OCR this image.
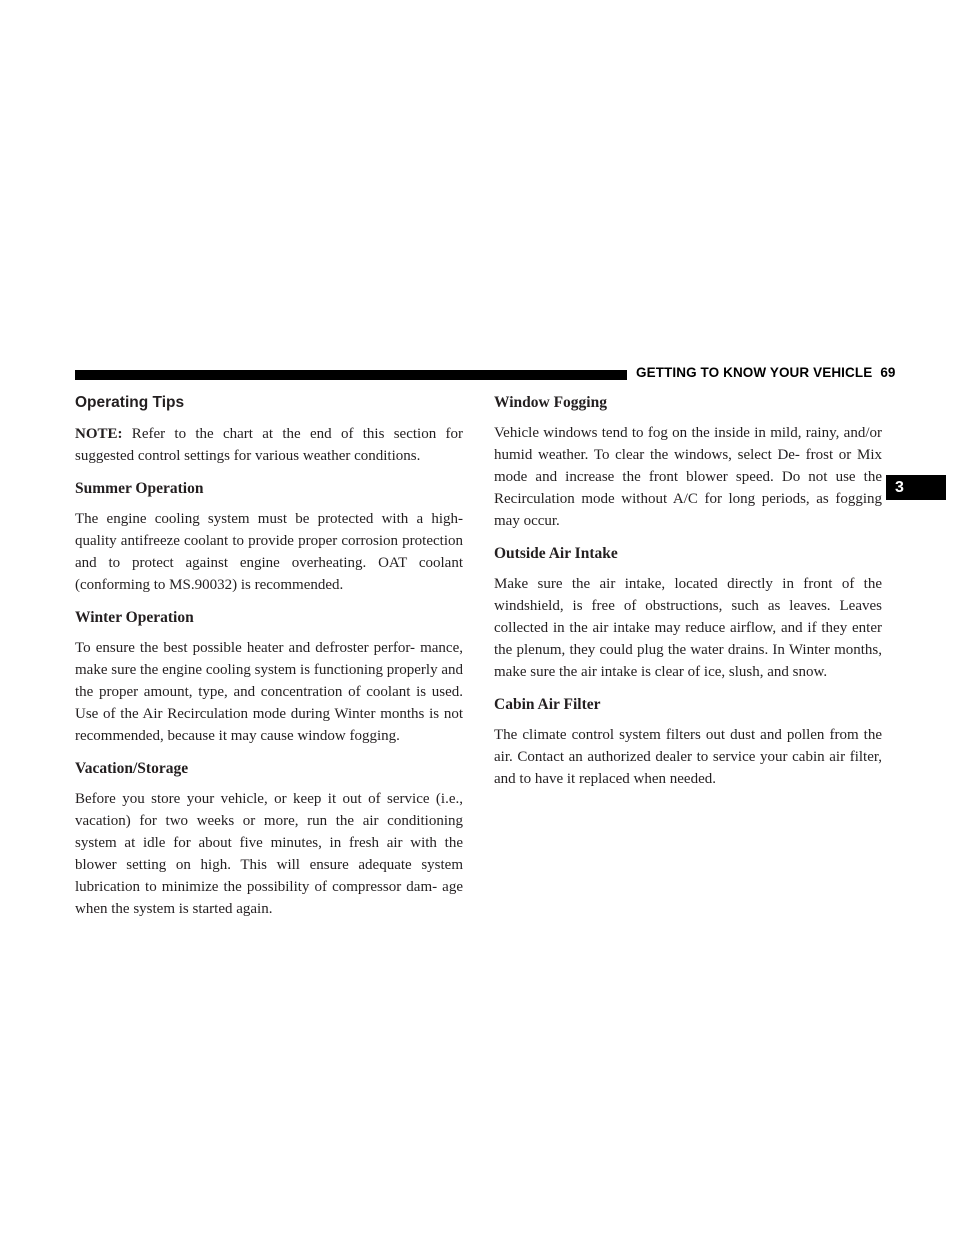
GETTING TO KNOW YOUR VEHICLE 69
3
Operating Tips

NOTE: Refer to the chart at the end of this section for suggested control settings for various weather conditions.

Summer Operation

The engine cooling system must be protected with a high-quality antifreeze coolant to provide proper corrosion protection and to protect against engine overheating. OAT coolant (conforming to MS.90032) is recommended.

Winter Operation

To ensure the best possible heater and defroster perfor- mance, make sure the engine cooling system is functioning properly and the proper amount, type, and concentration of coolant is used. Use of the Air Recirculation mode during Winter months is not recommended, because it may cause window fogging.

Vacation/Storage

Before you store your vehicle, or keep it out of service (i.e., vacation) for two weeks or more, run the air conditioning system at idle for about five minutes, in fresh air with the blower setting on high. This will ensure adequate system lubrication to minimize the possibility of compressor dam- age when the system is started again.

Window Fogging

Vehicle windows tend to fog on the inside in mild, rainy, and/or humid weather. To clear the windows, select De- frost or Mix mode and increase the front blower speed. Do not use the Recirculation mode without A/C for long periods, as fogging may occur.

Outside Air Intake

Make sure the air intake, located directly in front of the windshield, is free of obstructions, such as leaves. Leaves collected in the air intake may reduce airflow, and if they enter the plenum, they could plug the water drains. In Winter months, make sure the air intake is clear of ice, slush, and snow.

Cabin Air Filter

The climate control system filters out dust and pollen from the air. Contact an authorized dealer to service your cabin air filter, and to have it replaced when needed.
